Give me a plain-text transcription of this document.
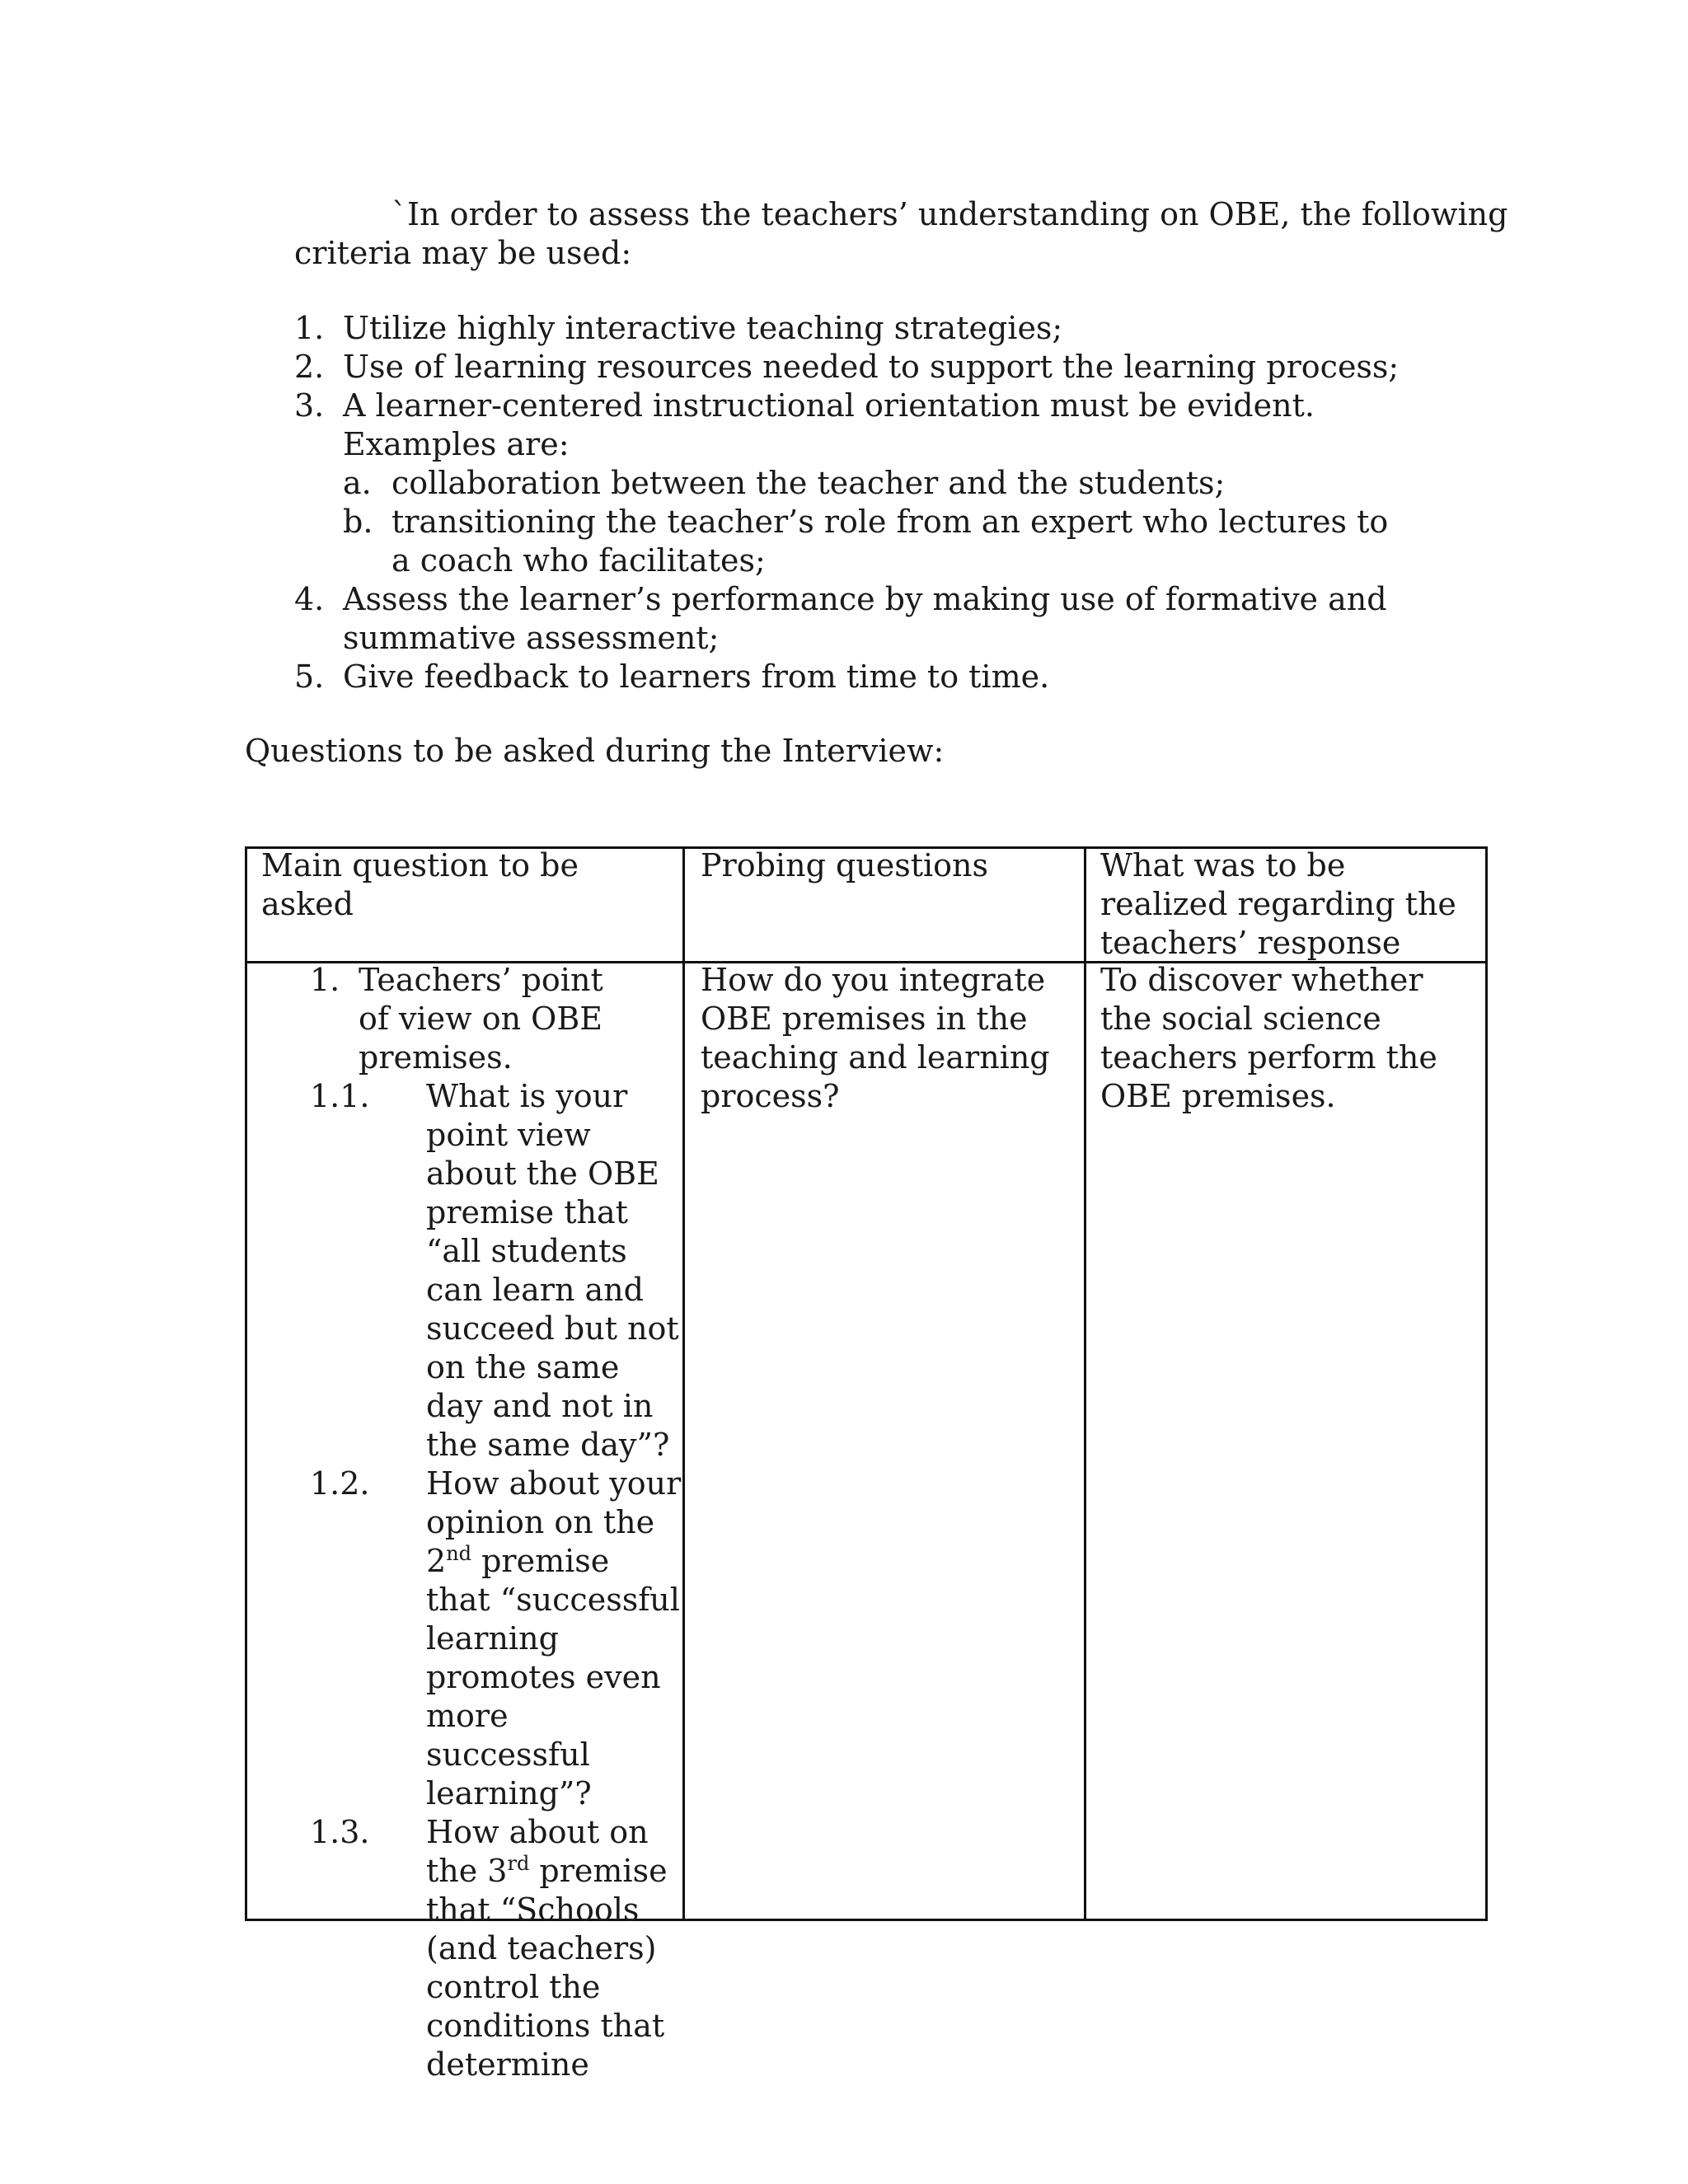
`In order to assess the teachers’ understanding on OBE, the following
criteria may be used:
1. Utilize highly interactive teaching strategies;
2. Use of learning resources needed to support the learning process;
3. A learner-centered instructional orientation must be evident. Examples are:
a. collaboration between the teacher and the students;
b. transitioning the teacher’s role from an expert who lectures to a coach who facilitates;
4. Assess the learner’s performance by making use of formative and summative assessment;
5. Give feedback to learners from time to time.
Questions to be asked during the Interview:
Main question to be asked
Probing questions	What was to be realized regarding the teachers’ response
1. Teachers’ point of view on OBE premises.
1.1. What is your point view about the OBE premise that “all students can learn and succeed but not on the same day and not in the same day”?
1.2. How about your opinion on the 2nd premise that “successful learning promotes even more successful learning”?
1.3. How about on the 3rd premise that “Schools (and teachers) control the conditions that determine
How do you integrate OBE premises in the teaching and learning process?
To discover whether the social science teachers perform the OBE premises.
